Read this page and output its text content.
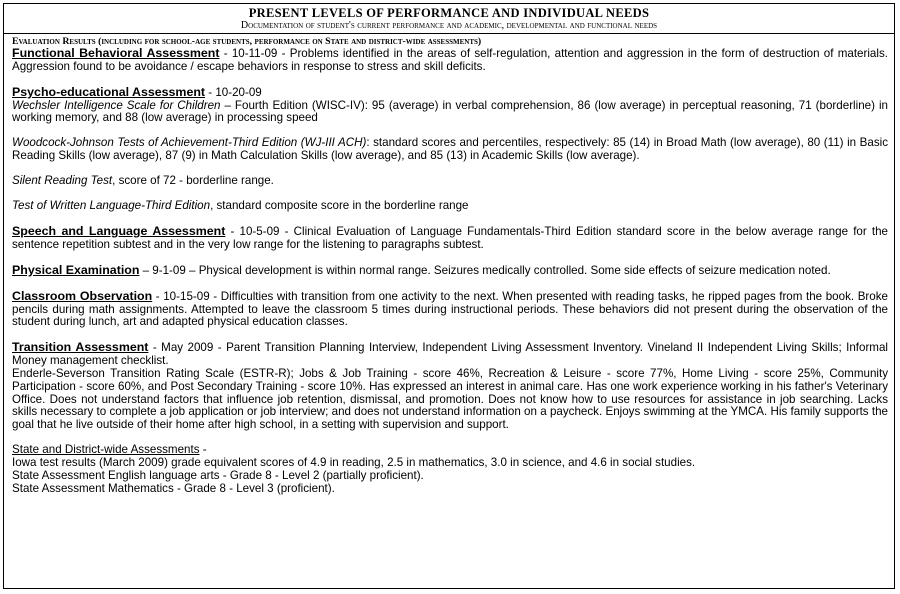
PRESENT LEVELS OF PERFORMANCE AND INDIVIDUAL NEEDS
Documentation of student's current performance and academic, developmental and functional needs
Evaluation Results (including for school-age students, performance on State and district-wide assessments)

Functional Behavioral Assessment - 10-11-09 - Problems identified in the areas of self-regulation, attention and aggression in the form of destruction of materials. Aggression found to be avoidance / escape behaviors in response to stress and skill deficits.

Psycho-educational Assessment - 10-20-09

Wechsler Intelligence Scale for Children – Fourth Edition (WISC-IV): 95 (average) in verbal comprehension, 86 (low average) in perceptual reasoning, 71 (borderline) in working memory, and 88 (low average) in processing speed

Woodcock-Johnson Tests of Achievement-Third Edition (WJ-III ACH): standard scores and percentiles, respectively: 85 (14) in Broad Math (low average), 80 (11) in Basic Reading Skills (low average), 87 (9) in Math Calculation Skills (low average), and 85 (13) in Academic Skills (low average).

Silent Reading Test, score of 72 - borderline range.

Test of Written Language-Third Edition, standard composite score in the borderline range

Speech and Language Assessment - 10-5-09 - Clinical Evaluation of Language Fundamentals-Third Edition standard score in the below average range for the sentence repetition subtest and in the very low range for the listening to paragraphs subtest.

Physical Examination – 9-1-09 – Physical development is within normal range. Seizures medically controlled. Some side effects of seizure medication noted.

Classroom Observation - 10-15-09 - Difficulties with transition from one activity to the next. When presented with reading tasks, he ripped pages from the book. Broke pencils during math assignments. Attempted to leave the classroom 5 times during instructional periods. These behaviors did not present during the observation of the student during lunch, art and adapted physical education classes.

Transition Assessment - May 2009 - Parent Transition Planning Interview, Independent Living Assessment Inventory. Vineland II Independent Living Skills; Informal Money management checklist.

Enderle-Severson Transition Rating Scale (ESTR-R); Jobs & Job Training - score 46%, Recreation & Leisure - score 77%, Home Living - score 25%, Community Participation - score 60%, and Post Secondary Training - score 10%. Has expressed an interest in animal care. Has one work experience working in his father's Veterinary Office. Does not understand factors that influence job retention, dismissal, and promotion. Does not know how to use resources for assistance in job searching. Lacks skills necessary to complete a job application or job interview; and does not understand information on a paycheck. Enjoys swimming at the YMCA. His family supports the goal that he live outside of their home after high school, in a setting with supervision and support.

State and District-wide Assessments -

Iowa test results (March 2009) grade equivalent scores of 4.9 in reading, 2.5 in mathematics, 3.0 in science, and 4.6 in social studies.

State Assessment English language arts - Grade 8 - Level 2 (partially proficient).

State Assessment Mathematics - Grade 8 - Level 3 (proficient).
